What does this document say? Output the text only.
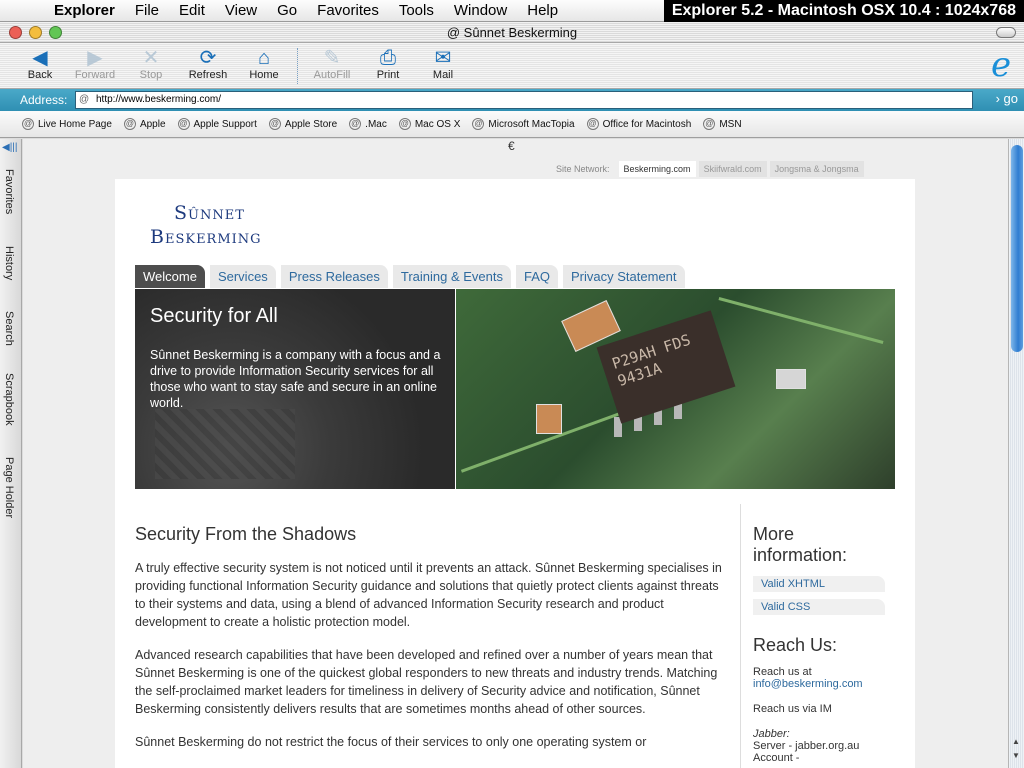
Explorer	File	Edit	View	Go	Favorites	Tools	Window	Help	Explorer 5.2 - Macintosh OSX 10.4 : 1024x768
@ Sûnnet Beskerming
◀
Back
▶
Forward
✕
Stop
⟳
Refresh
⌂
Home
✎
AutoFill
⎙
Print
✉
Mail	e
Address:	http://www.beskerming.com/
@	› go
@ Live Home Page @ Apple @ Apple Support @ Apple Store @ .Mac @ Mac OS X @ Microsoft MacTopia @ Office for Macintosh @ MSN
◀|||
Favorites
History
Search
Scrapbook
Page Holder
▲
▼
€
Site Network:	Beskerming.com	Skiifwrald.com	Jongsma & Jongsma
Sûnnet
Beskerming
Welcome	Services	Press Releases	Training & Events	FAQ	Privacy Statement
Security for All
Sûnnet Beskerming is a company with a focus and a drive to provide Information Security services for all those who want to stay safe and secure in an online world.
P29AH FDS 9431A
Security From the Shadows

A truly effective security system is not noticed until it prevents an attack. Sûnnet Beskerming specialises in providing functional Information Security guidance and solutions that quietly protect clients against threats to their systems and data, using a blend of advanced Information Security research and product development to create a holistic protection model.

Advanced research capabilities that have been developed and refined over a number of years mean that Sûnnet Beskerming is one of the quickest global responders to new threats and industry trends. Matching the self-proclaimed market leaders for timeliness in delivery of Security advice and notification, Sûnnet Beskerming consistently delivers results that are sometimes months ahead of other sources.

Sûnnet Beskerming do not restrict the focus of their services to only one operating system or

More information:
Valid XHTML
Valid CSS
Reach Us:
Reach us at
info@beskerming.com
Reach us via IM
Jabber:
Server - jabber.org.au
Account -
